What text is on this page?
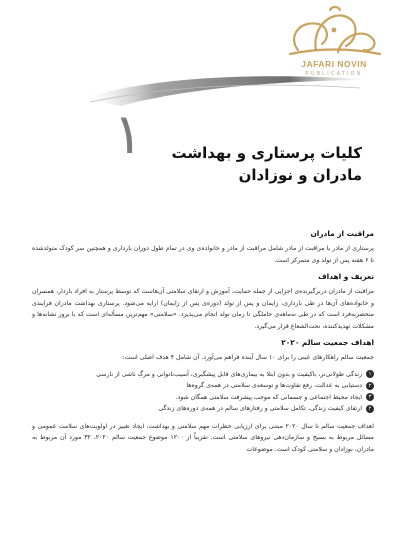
JAFARI NOVIN
PUBLICATION
۱	کلیات پرستاری و بهداشت
مادران و نوزادان
مراقبت از مادران
پرستاری از مادر یا مراقبت از مادر شامل مراقبت از مادر و خانواده‌ی وی در تمام طول دوران بارداری و همچنین سر کودک متولدشده تا ۶ هفته پس از تولد وی متمرکز است.
تعریف و اهداف
مراقبت از مادران دربرگیرنده‌ی اجزایی از جمله حمایت، آموزش و ارتقای سلامتی آن‌هاست که توسط پرستار به افراد باردار، همسران و خانواده‌های آن‌ها در طی بارداری، زایمان و پس از تولد (دوره‌ی پس از زایمان) ارایه می‌شود. پرستاری بهداشت مادران فرایندی منحصربه‌فرد است که در طی نه‌ماهه‌ی حاملگی تا زمان تولد انجام می‌پذیرد. «سلامتی» مهم‌ترین مسأله‌ای است که با بروز نشانه‌ها و مشکلات تهدیدکننده، تحت‌الشعاع قرار می‌گیرد.
اهداف جمعیت سالم ۲۰۲۰
جمعیت سالم راهکارهای عینی را برای ۱۰ سال آینده فراهم می‌آورد. آن شامل ۴ هدف اصلی است:
۱
زندگی طولانی‌تر، باکیفیت و بدون ابتلا به بیماری‌های قابل پیشگیری، آسیب‌ناتوانی و مرگ ناشی از نارسی
۲
دستیابی به عدالت، رفع تفاوت‌ها و توسعه‌ی سلامتی در همه‌ی گروه‌ها
۳
ایجاد محیط اجتماعی و جسمانی که موجب پیشرفت سلامتی همگان شود.
۴
ارتقای کیفیت زندگی، تکامل سلامتی و رفتارهای سالم در همه‌ی دوره‌های زندگی
اهداف جمعیت سالم تا سال ۲۰۲۰ مبتنی برای ارزیابی خطرات مهم سلامتی و بهداشت، ایجاد تغییر در اولویت‌های سلامت عمومی و مسائل مربوط به بسیج و سازمان‌دهی نیروهای سلامتی است. تقریباً از ۱۲۰۰ موضوع جمعیت سالم ۲۰۲۰، ۳۲ مورد آن مربوط به مادران، نوزادان و سلامتی کودک است. موضوعات
